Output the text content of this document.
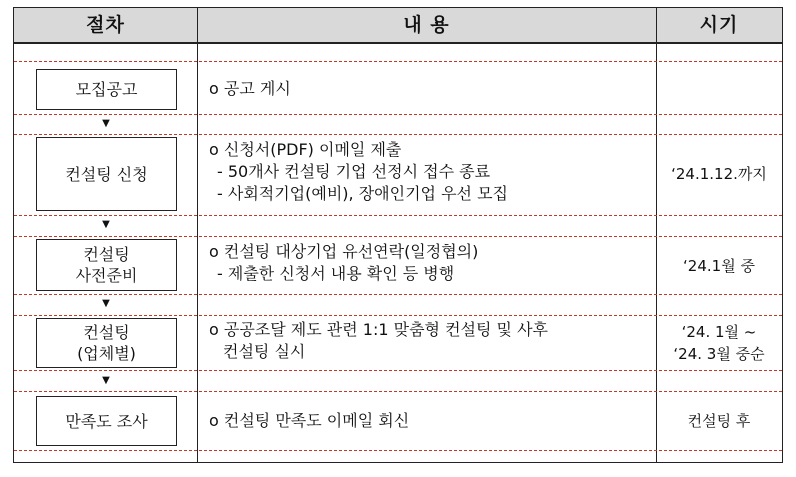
절차	내 용	시기
모집공고
▼
컨설팅 신청
▼
컨설팅
사전준비
▼
컨설팅
(업체별)
▼
만족도 조사
o 공고 게시
o 신청서(PDF) 이메일 제출
- 50개사 컨설팅 기업 선정시 접수 종료
- 사회적기업(예비), 장애인기업 우선 모집
o 컨설팅 대상기업 유선연락(일정협의)
- 제출한 신청서 내용 확인 등 병행
o 공공조달 제도 관련 1:1 맞춤형 컨설팅 및 사후
컨설팅 실시
o 컨설팅 만족도 이메일 회신
‘24.1.12.까지
‘24.1월 중
‘24. 1월 ~
‘24. 3월 중순
컨설팅 후
